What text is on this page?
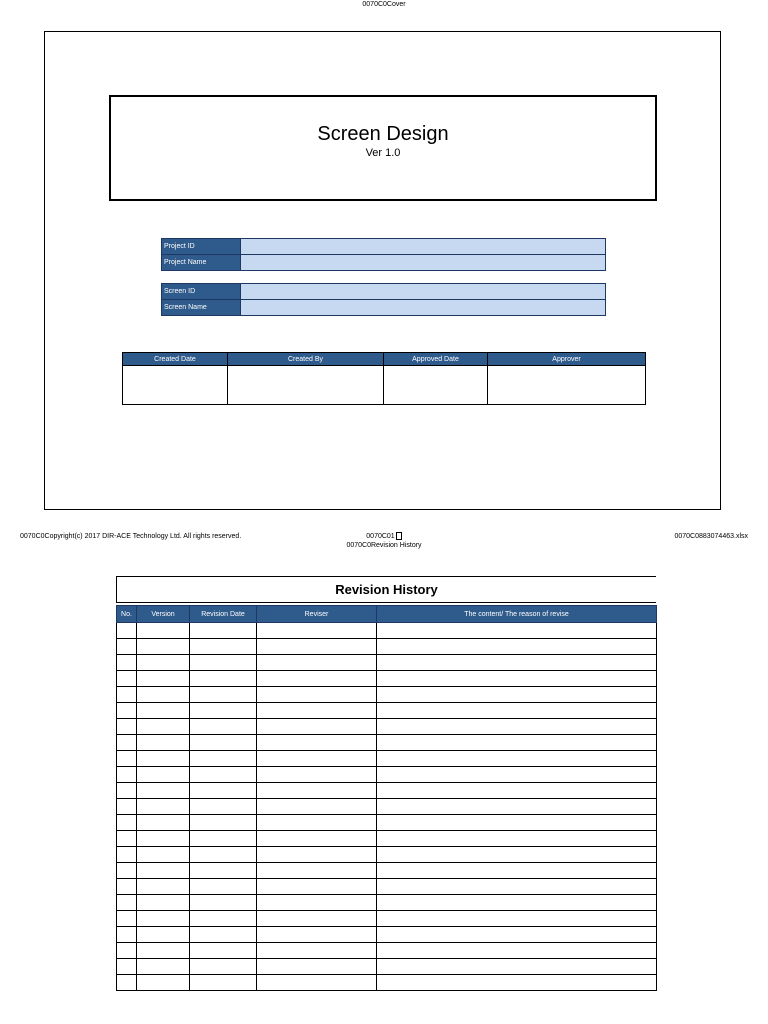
0070C0Cover
Screen Design
Ver 1.0
Project ID	
Project Name	
Screen ID	
Screen Name	
Created Date	Created By	Approved Date	Approver

0070C0Copyright(c) 2017 DIR-ACE Technology Ltd. All rights reserved.	0070C01	0070C0883074463.xlsx
0070C0Revision History
Revision History
No.	Version	Revision Date	Reviser	The content/ The reason of revise
